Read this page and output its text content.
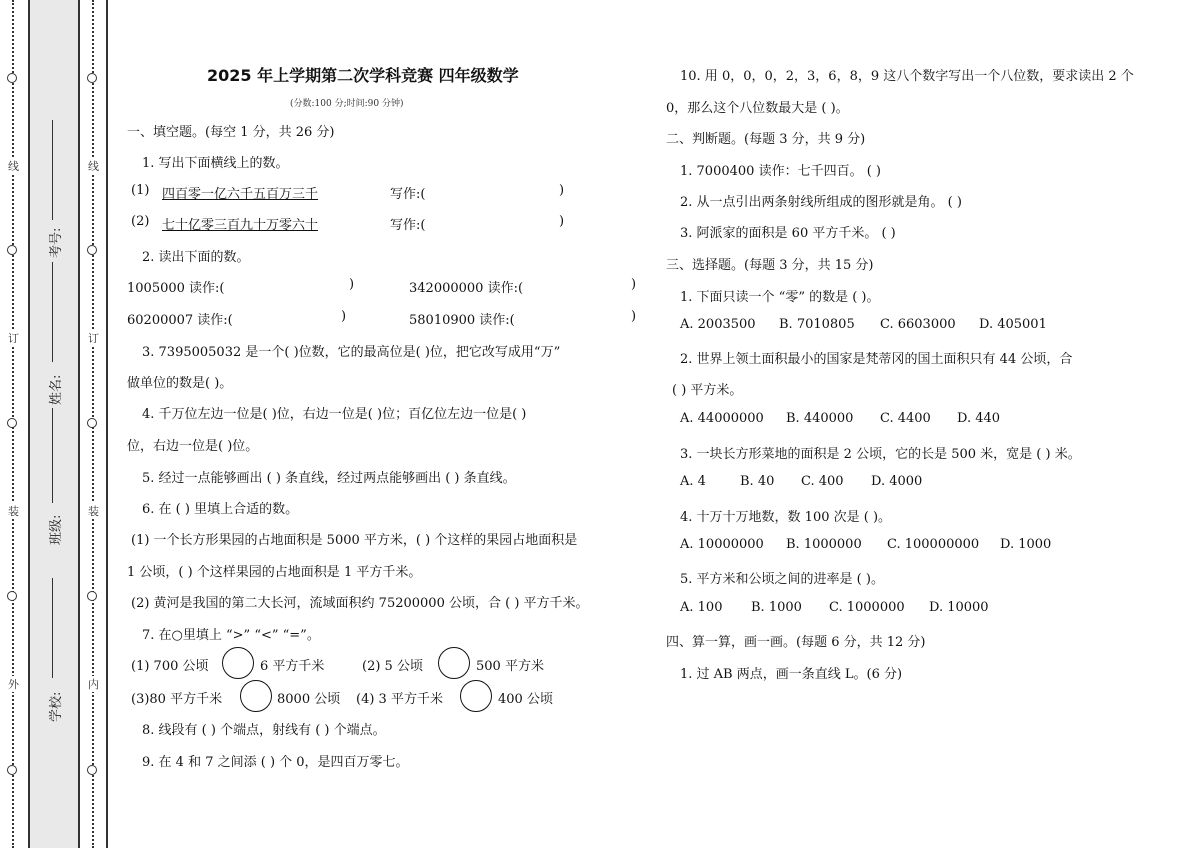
外
装
订
线
内
装
订
线
学校:
班级:
姓名:
考号:
2025 年上学期第二次学科竞赛 四年级数学
(分数:100 分;时间:90 分钟)
一、填空题。(每空 1 分，共 26 分)
1. 写出下面横线上的数。
(1) 四百零一亿六千五百万三千	写作:(	)
(2) 七十亿零三百九十万零六十	写作:(	)
2. 读出下面的数。
1005000 读作:(	)	342000000 读作:(	)
60200007 读作:(	)	58010900 读作:(	)
3. 7395005032 是一个( )位数，它的最高位是( )位，把它改写成用“万”
做单位的数是( )。
4. 千万位左边一位是( )位，右边一位是( )位；百亿位左边一位是( )
位，右边一位是( )位。
5. 经过一点能够画出 ( ) 条直线，经过两点能够画出 ( ) 条直线。
6. 在 ( ) 里填上合适的数。
(1) 一个长方形果园的占地面积是 5000 平方米，( ) 个这样的果园占地面积是
1 公顷，( ) 个这样果园的占地面积是 1 平方千米。
(2) 黄河是我国的第二大长河，流域面积约 75200000 公顷，合 ( ) 平方千米。
7. 在○里填上 “>” “<” “=”。
(1) 700 公顷	6 平方千米	(2) 5 公顷	500 平方米
(3)80 平方千米	8000 公顷 (4) 3 平方千米	400 公顷
8. 线段有 ( ) 个端点，射线有 ( ) 个端点。
9. 在 4 和 7 之间添 ( ) 个 0，是四百万零七。
10. 用 0，0，0，2，3，6，8，9 这八个数字写出一个八位数，要求读出 2 个
0，那么这个八位数最大是 ( )。
二、判断题。(每题 3 分，共 9 分)
1. 7000400 读作：七千四百。 ( )
2. 从一点引出两条射线所组成的图形就是角。 ( )
3. 阿派家的面积是 60 平方千米。 ( )
三、选择题。(每题 3 分，共 15 分)
1. 下面只读一个 “零” 的数是 ( )。
A. 2003500 B. 7010805 C. 6603000 D. 405001
2. 世界上领土面积最小的国家是梵蒂冈的国土面积只有 44 公顷，合
( ) 平方米。
A. 44000000 B. 440000 C. 4400 D. 440
3. 一块长方形菜地的面积是 2 公顷，它的长是 500 米，宽是 ( ) 米。
A. 4	B. 40 C. 400 D. 4000
4. 十万十万地数，数 100 次是 ( )。
A. 10000000 B. 1000000 C. 100000000 D. 1000
5. 平方米和公顷之间的进率是 ( )。
A. 100 B. 1000 C. 1000000 D. 10000
四、算一算，画一画。(每题 6 分，共 12 分)
1. 过 AB 两点，画一条直线 L。(6 分)
